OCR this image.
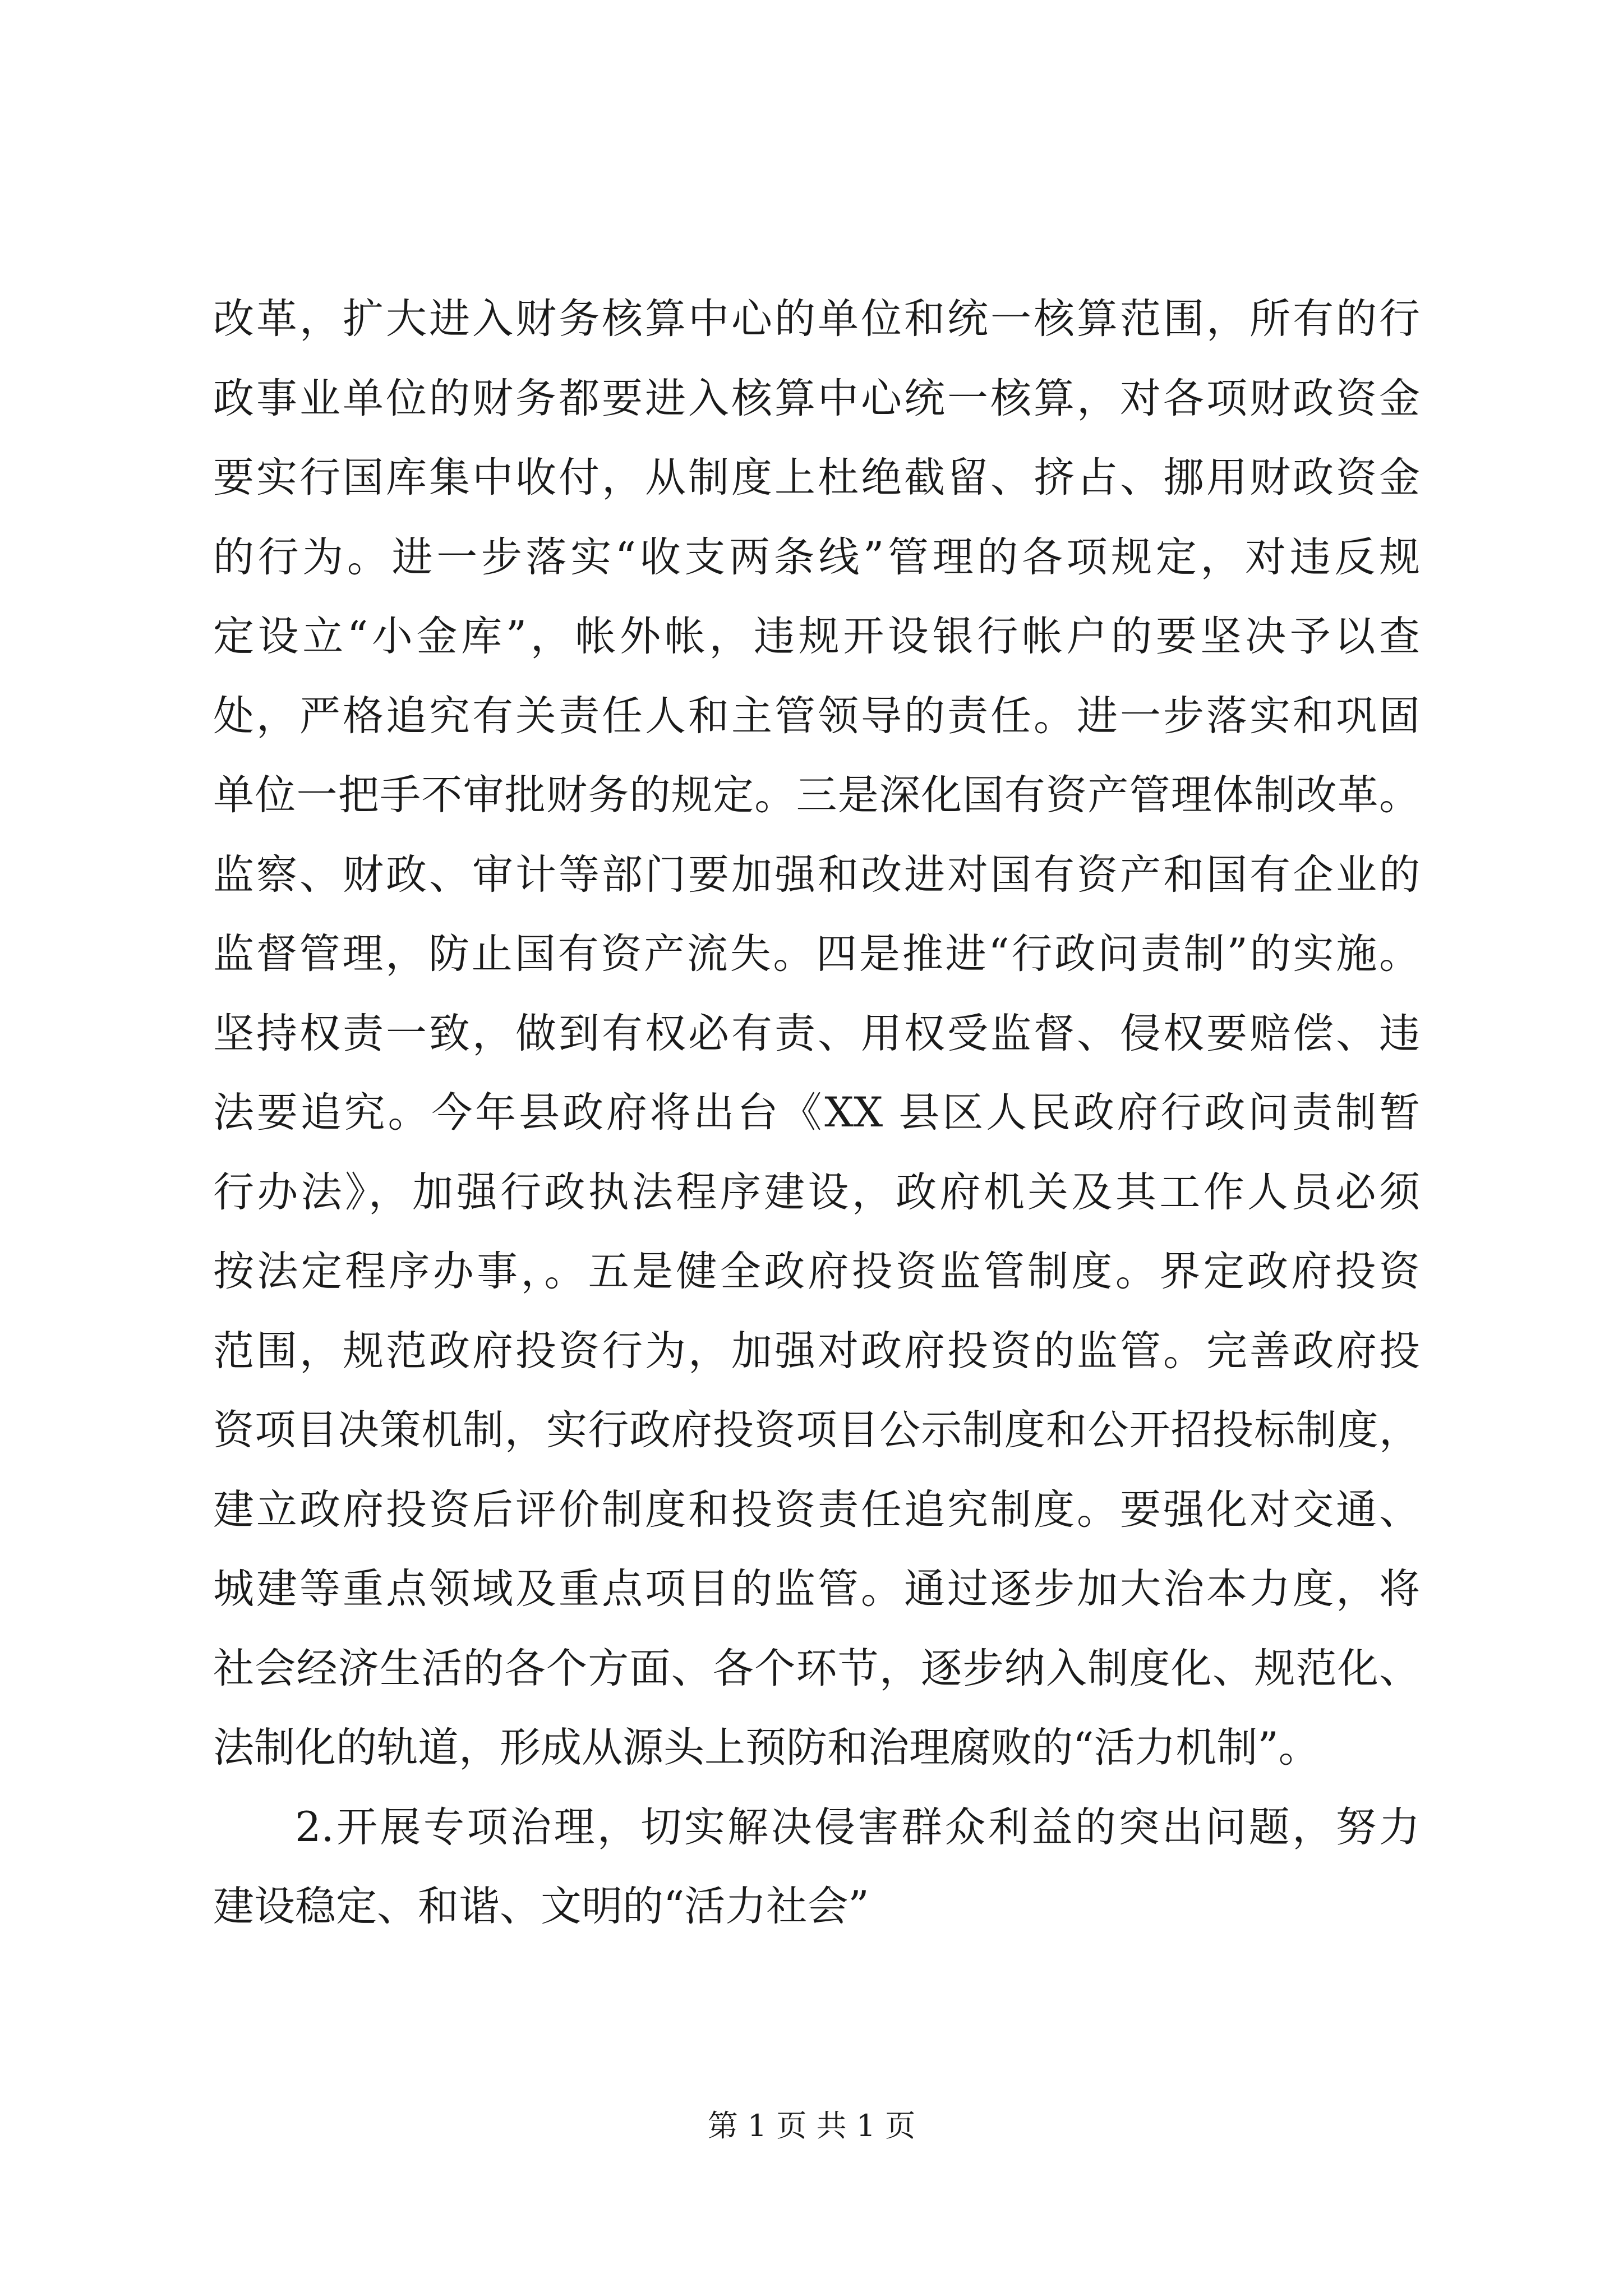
改革，扩大进入财务核算中心的单位和统一核算范围，所有的行
政事业单位的财务都要进入核算中心统一核算，对各项财政资金
要实行国库集中收付，从制度上杜绝截留、挤占、挪用财政资金
的行为。进一步落实“收支两条线”管理的各项规定，对违反规
定设立“小金库”，帐外帐，违规开设银行帐户的要坚决予以查
处，严格追究有关责任人和主管领导的责任。进一步落实和巩固
单位一把手不审批财务的规定。三是深化国有资产管理体制改革。
监察、财政、审计等部门要加强和改进对国有资产和国有企业的
监督管理，防止国有资产流失。四是推进“行政问责制”的实施。
坚持权责一致，做到有权必有责、用权受监督、侵权要赔偿、违
法要追究。今年县政府将出台《XX 县区人民政府行政问责制暂
行办法》，加强行政执法程序建设，政府机关及其工作人员必须
按法定程序办事，。五是健全政府投资监管制度。界定政府投资
范围，规范政府投资行为，加强对政府投资的监管。完善政府投
资项目决策机制，实行政府投资项目公示制度和公开招投标制度，
建立政府投资后评价制度和投资责任追究制度。要强化对交通、
城建等重点领域及重点项目的监管。通过逐步加大治本力度，将
社会经济生活的各个方面、各个环节，逐步纳入制度化、规范化、
法制化的轨道，形成从源头上预防和治理腐败的“活力机制”。
2.开展专项治理，切实解决侵害群众利益的突出问题，努力
建设稳定、和谐、文明的“活力社会”
第 1 页 共 1 页
